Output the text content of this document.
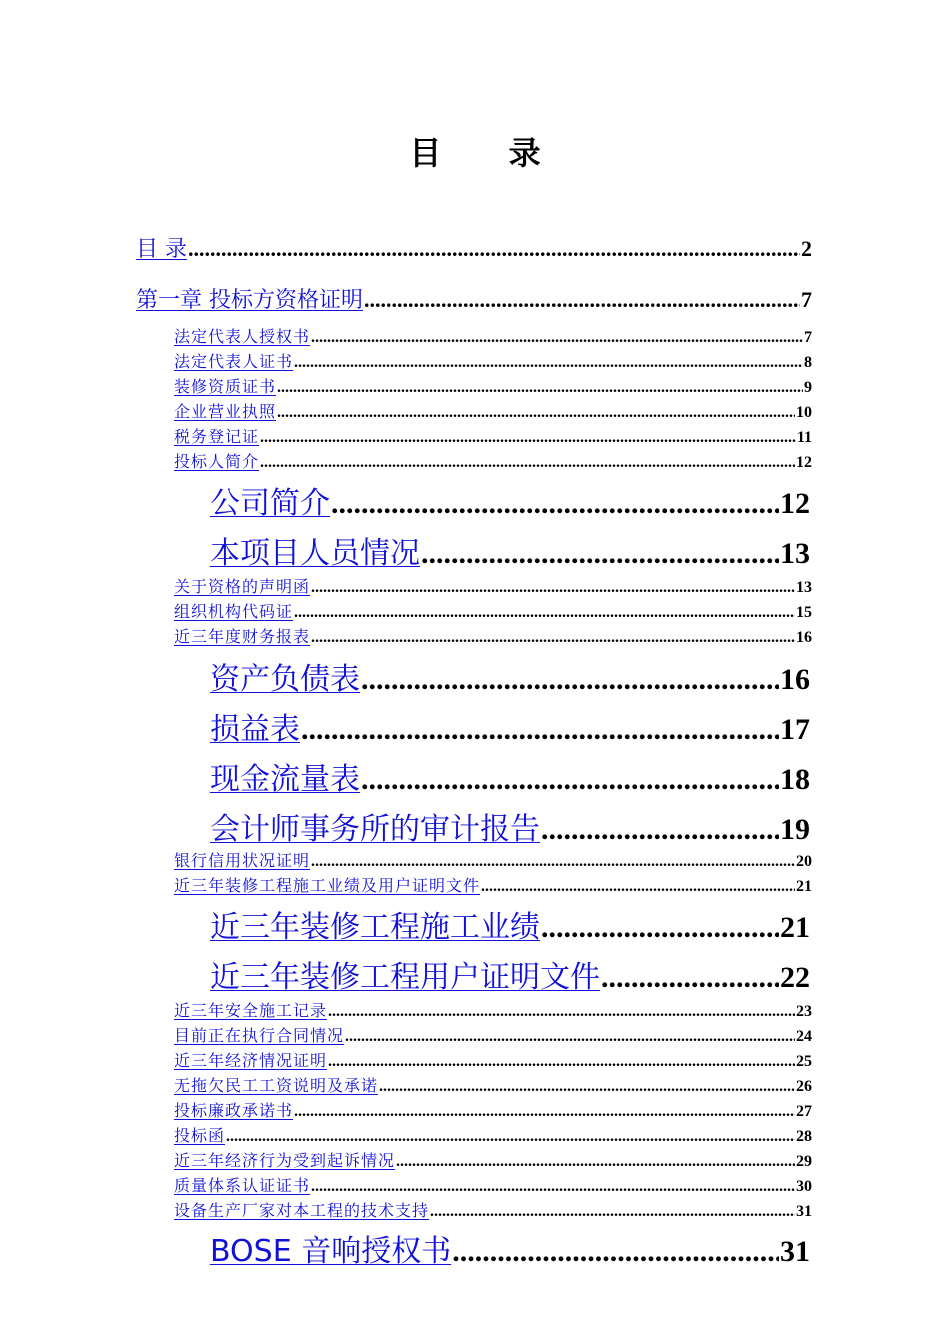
目 录
目 录 .....	2
第一章 投标方资格证明 .....	7
法定代表人授权书 .....	7
法定代表人证书 .....	8
装修资质证书 .....	9
企业营业执照 .....	10
税务登记证 .....	11
投标人简介 .....	12
公司简介 .....	12
本项目人员情况 .....	13
关于资格的声明函 .....	13
组织机构代码证 .....	15
近三年度财务报表 .....	16
资产负债表 .....	16
损益表 .....	17
现金流量表 .....	18
会计师事务所的审计报告 .....	19
银行信用状况证明 .....	20
近三年装修工程施工业绩及用户证明文件 .....	21
近三年装修工程施工业绩 .....	21
近三年装修工程用户证明文件 .....	22
近三年安全施工记录 .....	23
目前正在执行合同情况 .....	24
近三年经济情况证明 .....	25
无拖欠民工工资说明及承诺 .....	26
投标廉政承诺书 .....	27
投标函 .....	28
近三年经济行为受到起诉情况 .....	29
质量体系认证证书 .....	30
设备生产厂家对本工程的技术支持 .....	31
BOSE 音响授权书 .....	31
